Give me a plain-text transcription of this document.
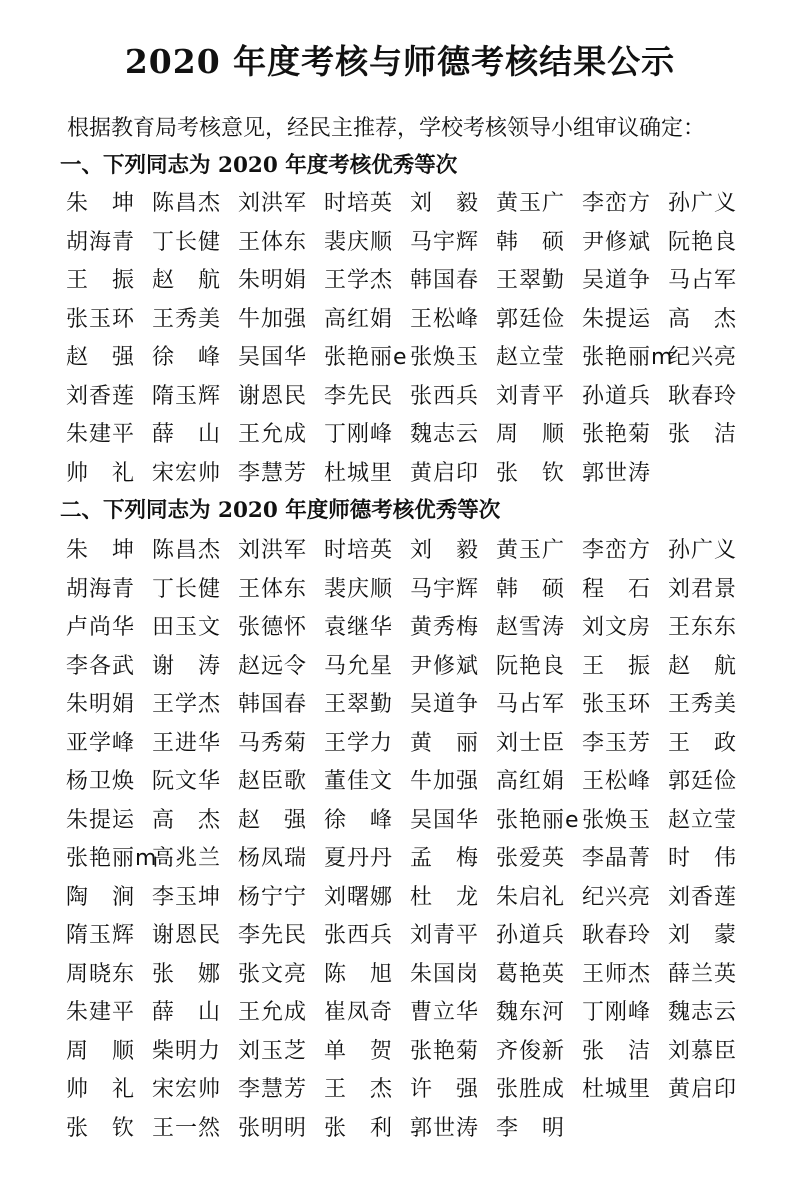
2020 年度考核与师德考核结果公示
根据教育局考核意见，经民主推荐，学校考核领导小组审议确定：
一、下列同志为 2020 年度考核优秀等次
朱　坤 陈昌杰 刘洪军 时培英 刘　毅 黄玉广 李峦方 孙广义
胡海青 丁长健 王体东 裴庆顺 马宇辉 韩　硕 尹修斌 阮艳良
王　振 赵　航 朱明娟 王学杰 韩国春 王翠勤 吴道争 马占军
张玉环 王秀美 牛加强 高红娟 王松峰 郭廷俭 朱提运 高　杰
赵　强 徐　峰 吴国华 张艳丽e 张焕玉 赵立莹 张艳丽m
纪兴亮
刘香莲 隋玉辉 谢恩民 李先民 张西兵 刘青平 孙道兵 耿春玲
朱建平 薛　山 王允成 丁刚峰 魏志云 周　顺 张艳菊 张　洁
帅　礼 宋宏帅 李慧芳 杜城里 黄启印 张　钦 郭世涛
二、下列同志为 2020 年度师德考核优秀等次
朱　坤 陈昌杰 刘洪军 时培英 刘　毅 黄玉广 李峦方 孙广义
胡海青 丁长健 王体东 裴庆顺 马宇辉 韩　硕 程　石 刘君景
卢尚华 田玉文 张德怀 袁继华 黄秀梅 赵雪涛 刘文房 王东东
李各武 谢　涛 赵远令 马允星 尹修斌 阮艳良 王　振 赵　航
朱明娟 王学杰 韩国春 王翠勤 吴道争 马占军 张玉环 王秀美
亚学峰 王进华 马秀菊 王学力 黄　丽 刘士臣 李玉芳 王　政
杨卫焕 阮文华 赵臣歌 董佳文 牛加强 高红娟 王松峰 郭廷俭
朱提运 高　杰 赵　强 徐　峰 吴国华 张艳丽e 张焕玉 赵立莹
张艳丽m
高兆兰 杨凤瑞 夏丹丹 孟　梅 张爱英 李晶菁 时　伟
陶　涧 李玉坤 杨宁宁 刘曙娜 杜　龙 朱启礼 纪兴亮 刘香莲
隋玉辉 谢恩民 李先民 张西兵 刘青平 孙道兵 耿春玲 刘　蒙
周晓东 张　娜 张文亮 陈　旭 朱国岗 葛艳英 王师杰 薛兰英
朱建平 薛　山 王允成 崔凤奇 曹立华 魏东河 丁刚峰 魏志云
周　顺 柴明力 刘玉芝 单　贺 张艳菊 齐俊新 张　洁 刘慕臣
帅　礼 宋宏帅 李慧芳 王　杰 许　强 张胜成 杜城里 黄启印
张　钦 王一然 张明明 张　利 郭世涛 李　明
